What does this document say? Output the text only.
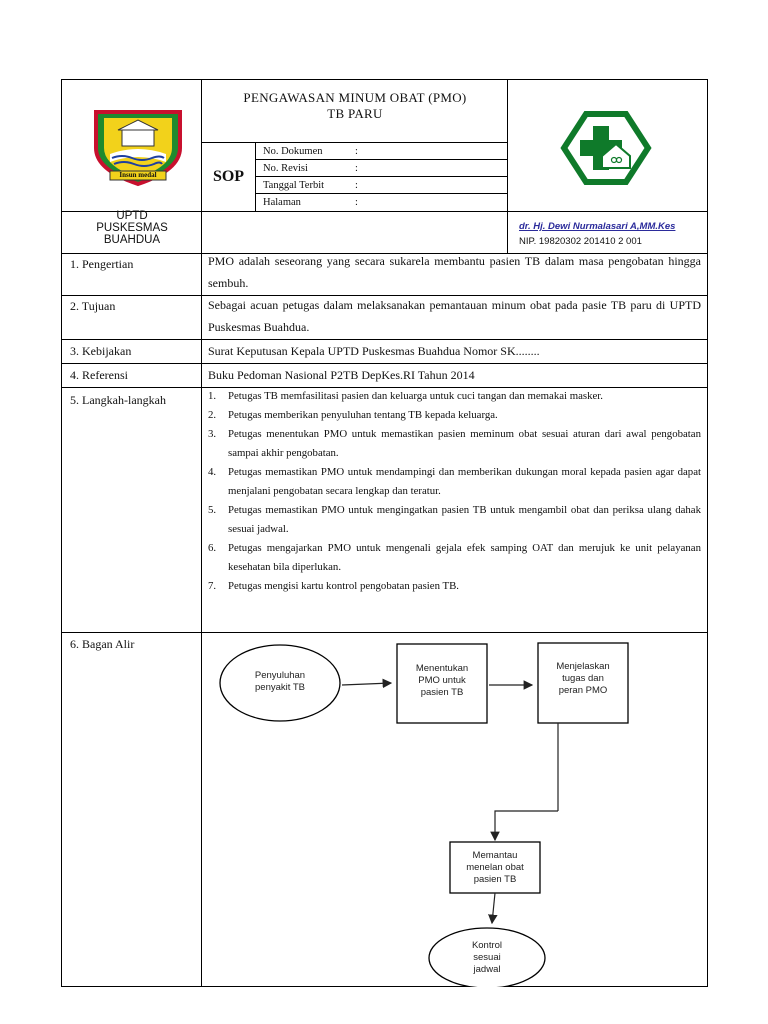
Insun medal
PENGAWASAN MINUM OBAT (PMO)
TB PARU
SOP
No. Dokumen	:
No. Revisi	:
Tanggal Terbit	:
Halaman	:
UPTD
PUSKESMAS
BUAHDUA
dr. Hj. Dewi Nurmalasari A,MM.Kes
NIP. 19820302 201410 2 001
1. Pengertian	PMO adalah seseorang yang secara sukarela membantu pasien TB dalam masa pengobatan hingga sembuh.
2. Tujuan	Sebagai acuan petugas dalam melaksanakan pemantauan minum obat pada pasie TB paru di UPTD Puskesmas Buahdua.
3. Kebijakan	Surat Keputusan Kepala UPTD Puskesmas Buahdua Nomor SK........
4. Referensi	Buku Pedoman Nasional P2TB DepKes.RI Tahun 2014
5. Langkah-langkah	1. Petugas TB memfasilitasi pasien dan keluarga untuk cuci tangan dan memakai masker.
2. Petugas memberikan penyuluhan tentang TB kepada keluarga.
3. Petugas menentukan PMO untuk memastikan pasien meminum obat sesuai aturan dari awal pengobatan sampai akhir pengobatan.
4. Petugas memastikan PMO untuk mendampingi dan memberikan dukungan moral kepada pasien agar dapat menjalani pengobatan secara lengkap dan teratur.
5. Petugas memastikan PMO untuk mengingatkan pasien TB untuk mengambil obat dan periksa ulang dahak sesuai jadwal.
6. Petugas mengajarkan PMO untuk mengenali gejala efek samping OAT dan merujuk ke unit pelayanan kesehatan bila diperlukan.
7. Petugas mengisi kartu kontrol pengobatan pasien TB.
6. Bagan Alir
Penyuluhan
penyakit TB
Menentukan
PMO untuk
pasien TB
Menjelaskan
tugas dan
peran PMO
Memantau
menelan obat
pasien TB
Kontrol
sesuai
jadwal
